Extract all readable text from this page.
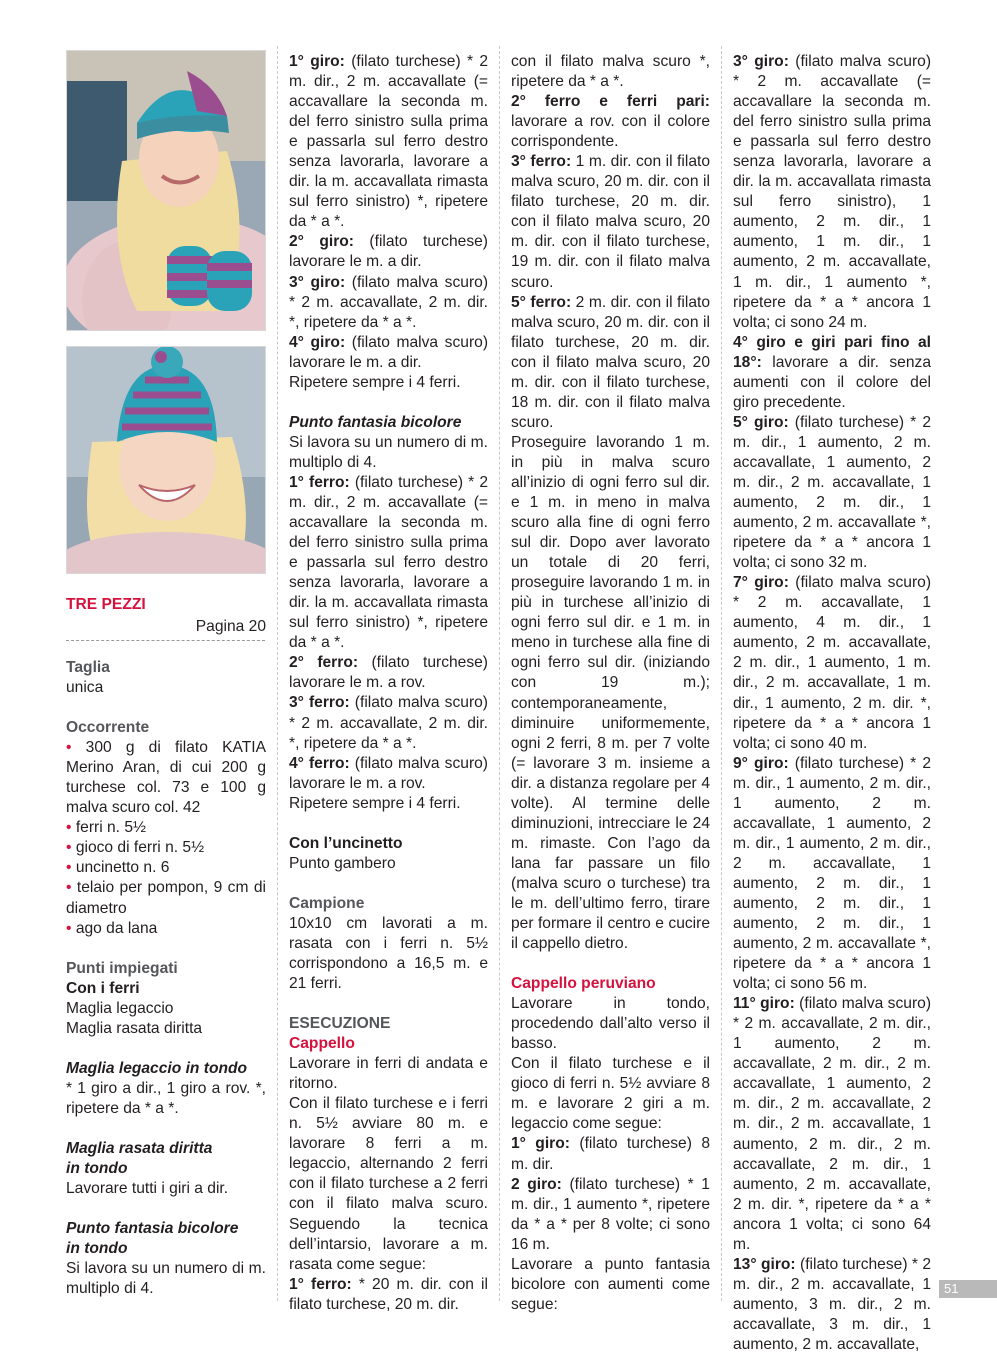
TRE PEZZI
Pagina 20

Taglia

unica

Occorrente

• 300 g di filato KATIA Merino Aran, di cui 200 g turchese col. 73 e 100 g malva scuro col. 42

• ferri n. 5½

• gioco di ferri n. 5½

• uncinetto n. 6

• telaio per pompon, 9 cm di diametro

• ago da lana

Punti impiegati

Con i ferri

Maglia legaccio

Maglia rasata diritta

Maglia legaccio in tondo

* 1 giro a dir., 1 giro a rov. *, ripetere da * a *.

Maglia rasata diritta

in tondo

Lavorare tutti i giri a dir.

Punto fantasia bicolore

in tondo

Si lavora su un numero di m. multiplo di 4.

1° giro: (filato turchese) * 2 m. dir., 2 m. accavallate (= accavallare la seconda m. del ferro sinistro sulla prima e passarla sul ferro destro senza lavorarla, lavorare a dir. la m. accavallata rimasta sul ferro sinistro) *, ripetere da * a *.

2° giro: (filato turchese) lavorare le m. a dir.

3° giro: (filato malva scuro) * 2 m. accavallate, 2 m. dir. *, ripetere da * a *.

4° giro: (filato malva scuro) lavorare le m. a dir.

Ripetere sempre i 4 ferri.

Punto fantasia bicolore

Si lavora su un numero di m. multiplo di 4.

1° ferro: (filato turchese) * 2 m. dir., 2 m. accavallate (= accavallare la seconda m. del ferro sinistro sulla prima e passarla sul ferro destro senza lavorarla, lavorare a dir. la m. accavallata rimasta sul ferro sinistro) *, ripetere da * a *.

2° ferro: (filato turchese) lavorare le m. a rov.

3° ferro: (filato malva scuro) * 2 m. accavallate, 2 m. dir. *, ripetere da * a *.

4° ferro: (filato malva scuro) lavorare le m. a rov.

Ripetere sempre i 4 ferri.

Con l’uncinetto

Punto gambero

Campione

10x10 cm lavorati a m. rasata con i ferri n. 5½ corrispondono a 16,5 m. e 21 ferri.

ESECUZIONE

Cappello

Lavorare in ferri di andata e ritorno.

Con il filato turchese e i ferri n. 5½ avviare 80 m. e lavorare 8 ferri a m. legaccio, alternando 2 ferri con il filato turchese a 2 ferri con il filato malva scuro. Seguendo la tecnica dell’intarsio, lavorare a m. rasata come segue:

1° ferro: * 20 m. dir. con il filato turchese, 20 m. dir.

con il filato malva scuro *, ripetere da * a *.

2° ferro e ferri pari: lavorare a rov. con il colore corrispondente.

3° ferro: 1 m. dir. con il filato malva scuro, 20 m. dir. con il filato turchese, 20 m. dir. con il filato malva scuro, 20 m. dir. con il filato turchese, 19 m. dir. con il filato malva scuro.

5° ferro: 2 m. dir. con il filato malva scuro, 20 m. dir. con il filato turchese, 20 m. dir. con il filato malva scuro, 20 m. dir. con il filato turchese, 18 m. dir. con il filato malva scuro.

Proseguire lavorando 1 m. in più in malva scuro all’inizio di ogni ferro sul dir. e 1 m. in meno in malva scuro alla fine di ogni ferro sul dir. Dopo aver lavorato un totale di 20 ferri, proseguire lavorando 1 m. in più in turchese all’inizio di ogni ferro sul dir. e 1 m. in meno in turchese alla fine di ogni ferro sul dir. (iniziando con 19 m.); contemporaneamente, diminuire uniformemente, ogni 2 ferri, 8 m. per 7 volte (= lavorare 3 m. insieme a dir. a distanza regolare per 4 volte). Al termine delle diminuzioni, intrecciare le 24 m. rimaste. Con l’ago da lana far passare un filo (malva scuro o turchese) tra le m. dell’ultimo ferro, tirare per formare il centro e cucire il cappello dietro.

Cappello peruviano

Lavorare in tondo, procedendo dall’alto verso il basso.

Con il filato turchese e il gioco di ferri n. 5½ avviare 8 m. e lavorare 2 giri a m. legaccio come segue:

1° giro: (filato turchese) 8 m. dir.

2 giro: (filato turchese) * 1 m. dir., 1 aumento *, ripetere da * a * per 8 volte; ci sono 16 m.

Lavorare a punto fantasia bicolore con aumenti come segue:

3° giro: (filato malva scuro) * 2 m. accavallate (= accavallare la seconda m. del ferro sinistro sulla prima e passarla sul ferro destro senza lavorarla, lavorare a dir. la m. accavallata rimasta sul ferro sinistro), 1 aumento, 2 m. dir., 1 aumento, 1 m. dir., 1 aumento, 2 m. accavallate, 1 m. dir., 1 aumento *, ripetere da * a * ancora 1 volta; ci sono 24 m.

4° giro e giri pari fino al 18°: lavorare a dir. senza aumenti con il colore del giro precedente.

5° giro: (filato turchese) * 2 m. dir., 1 aumento, 2 m. accavallate, 1 aumento, 2 m. dir., 2 m. accavallate, 1 aumento, 2 m. dir., 1 aumento, 2 m. accavallate *, ripetere da * a * ancora 1 volta; ci sono 32 m.

7° giro: (filato malva scuro) * 2 m. accavallate, 1 aumento, 4 m. dir., 1 aumento, 2 m. accavallate, 2 m. dir., 1 aumento, 1 m. dir., 2 m. accavallate, 1 m. dir., 1 aumento, 2 m. dir. *, ripetere da * a * ancora 1 volta; ci sono 40 m.

9° giro: (filato turchese) * 2 m. dir., 1 aumento, 2 m. dir., 1 aumento, 2 m. accavallate, 1 aumento, 2 m. dir., 1 aumento, 2 m. dir., 2 m. accavallate, 1 aumento, 2 m. dir., 1 aumento, 2 m. dir., 1 aumento, 2 m. dir., 1 aumento, 2 m. accavallate *, ripetere da * a * ancora 1 volta; ci sono 56 m.

11° giro: (filato malva scuro) * 2 m. accavallate, 2 m. dir., 1 aumento, 2 m. accavallate, 2 m. dir., 2 m. accavallate, 1 aumento, 2 m. dir., 2 m. accavallate, 2 m. dir., 2 m. accavallate, 1 aumento, 2 m. dir., 2 m. accavallate, 2 m. dir., 1 aumento, 2 m. accavallate, 2 m. dir. *, ripetere da * a * ancora 1 volta; ci sono 64 m.

13° giro: (filato turchese) * 2 m. dir., 2 m. accavallate, 1 aumento, 3 m. dir., 2 m. accavallate, 3 m. dir., 1 aumento, 2 m. accavallate,

51
